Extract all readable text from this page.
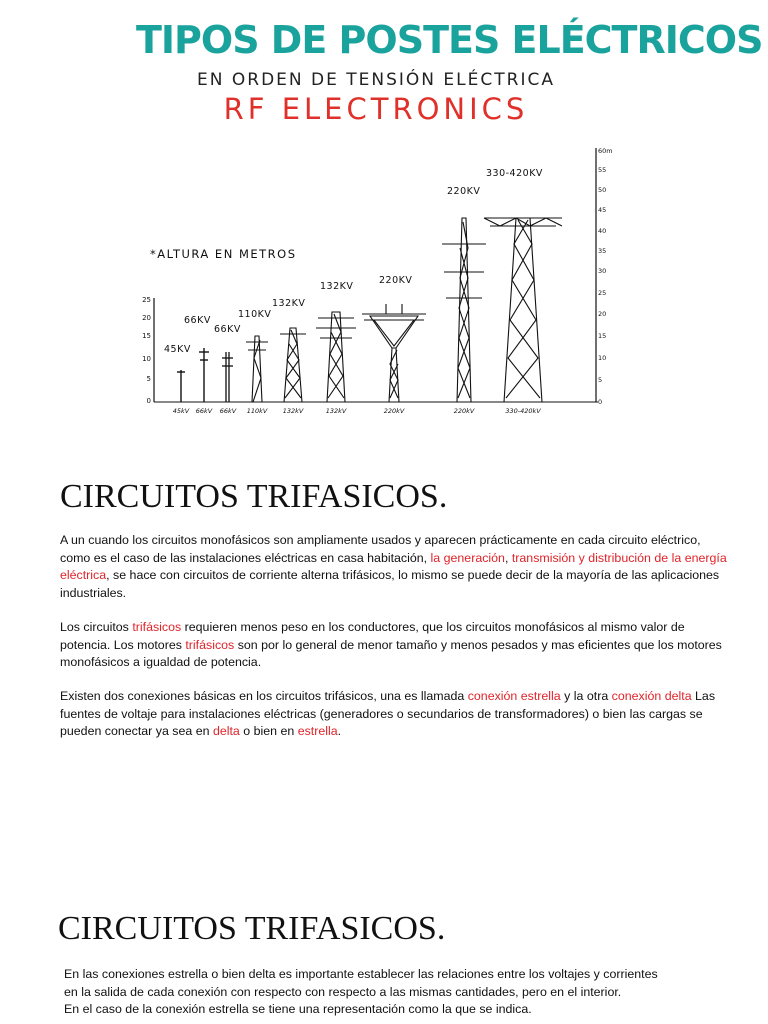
TIPOS DE POSTES ELÉCTRICOS
EN ORDEN DE TENSIÓN ELÉCTRICA
RF ELECTRONICS
*ALTURA EN METROS
25
20
15
10
5
0
60m
55
50
45
40
35
30
25
20
15
10
5
0
45KV
66KV
66KV
110KV
132KV
132KV
220KV
220KV
330-420KV
45kV 66kV 66kV 110kV 132kV	132kV	220kV	220kV	330-420kV
CIRCUITOS TRIFASICOS.

A un cuando los circuitos monofásicos son ampliamente usados y aparecen prácticamente en cada circuito eléctrico, como es el caso de las instalaciones eléctricas en casa habitación, la generación, transmisión y distribución de la energía eléctrica, se hace con circuitos de corriente alterna trifásicos, lo mismo se puede decir de la mayoría de las aplicaciones industriales.

Los circuitos trifásicos requieren menos peso en los conductores, que los circuitos monofásicos al mismo valor de potencia. Los motores trifásicos son por lo general de menor tamaño y menos pesados y mas eficientes que los motores monofásicos a igualdad de potencia.

Existen dos conexiones básicas en los circuitos trifásicos, una es llamada conexión estrella y la otra conexión delta Las fuentes de voltaje para instalaciones eléctricas (generadores o secundarios de transformadores) o bien las cargas se pueden conectar ya sea en delta o bien en estrella.

CIRCUITOS TRIFASICOS.

En las conexiones estrella o bien delta es importante establecer las relaciones entre los voltajes y corrientes
en la salida de cada conexión con respecto con respecto a las mismas cantidades, pero en el interior.
En el caso de la conexión estrella se tiene una representación como la que se indica.
